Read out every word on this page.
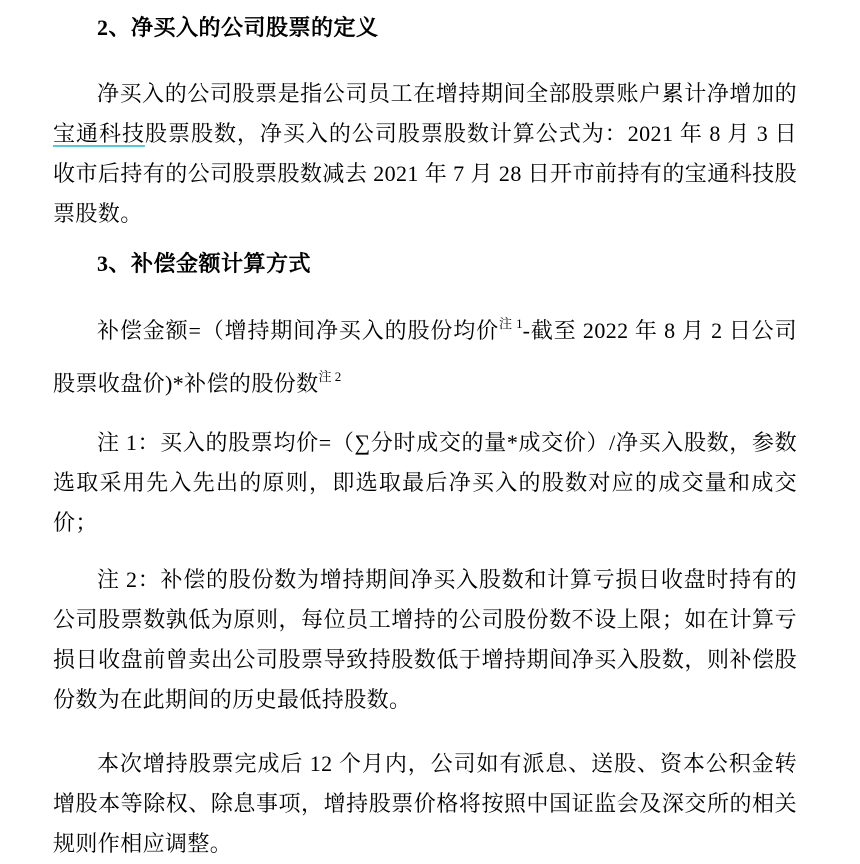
2、净买入的公司股票的定义

净买入的公司股票是指公司员工在增持期间全部股票账户累计净增加的宝通科技股票股数，净买入的公司股票股数计算公式为：2021 年 8 月 3 日收市后持有的公司股票股数减去 2021 年 7 月 28 日开市前持有的宝通科技股票股数。

3、补偿金额计算方式

补偿金额=（增持期间净买入的股份均价$^{注 1}$-截至 2022 年 8 月 2 日公司股票收盘价)*补偿的股份数$^{注 2}$

注 1：买入的股票均价=（∑分时成交的量*成交价）/净买入股数，参数选取采用先入先出的原则，即选取最后净买入的股数对应的成交量和成交价；

注 2：补偿的股份数为增持期间净买入股数和计算亏损日收盘时持有的公司股票数孰低为原则，每位员工增持的公司股份数不设上限；如在计算亏损日收盘前曾卖出公司股票导致持股数低于增持期间净买入股数，则补偿股份数为在此期间的历史最低持股数。

本次增持股票完成后 12 个月内，公司如有派息、送股、资本公积金转增股本等除权、除息事项，增持股票价格将按照中国证监会及深交所的相关规则作相应调整。
